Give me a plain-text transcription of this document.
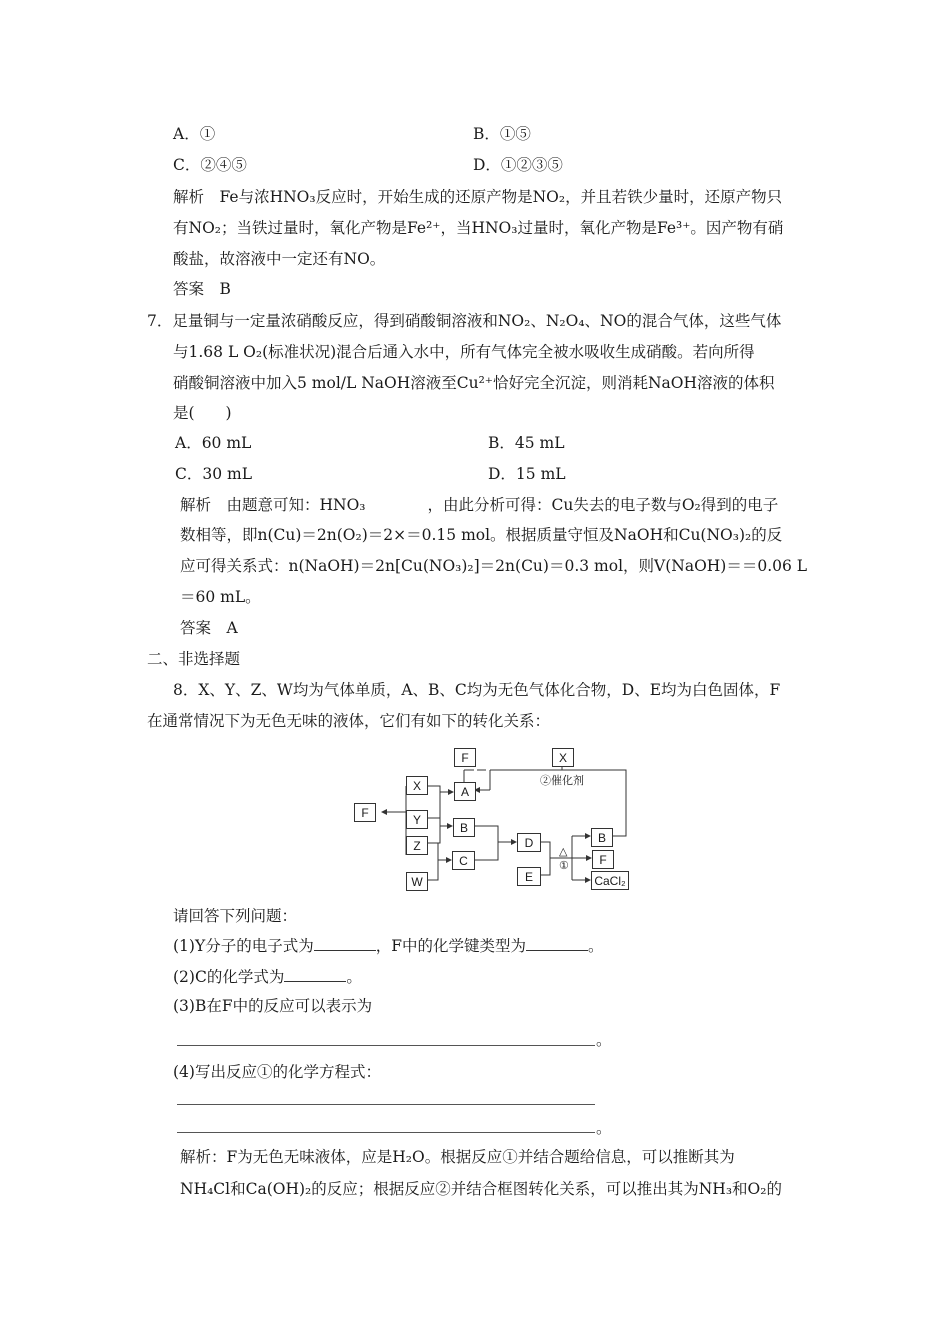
A．①	B．①⑤
C．②④⑤	D．①②③⑤
解析　Fe与浓HNO₃反应时，开始生成的还原产物是NO₂，并且若铁少量时，还原产物只
有NO₂；当铁过量时，氧化产物是Fe²⁺，当HNO₃过量时，氧化产物是Fe³⁺。因产物有硝
酸盐，故溶液中一定还有NO。
答案　B
7．足量铜与一定量浓硝酸反应，得到硝酸铜溶液和NO₂、N₂O₄、NO的混合气体，这些气体
与1.68 L O₂(标准状况)混合后通入水中，所有气体完全被水吸收生成硝酸。若向所得
硝酸铜溶液中加入5 mol/L NaOH溶液至Cu²⁺恰好完全沉淀，则消耗NaOH溶液的体积
是(　　)
A．60 mL	B．45 mL
C．30 mL	D．15 mL
解析　由题意可知：HNO₃　　　　，由此分析可得：Cu失去的电子数与O₂得到的电子
数相等，即n(Cu)＝2n(O₂)＝2×＝0.15 mol。根据质量守恒及NaOH和Cu(NO₃)₂的反
应可得关系式：n(NaOH)＝2n[Cu(NO₃)₂]＝2n(Cu)＝0.3 mol，则V(NaOH)＝＝0.06 L
＝60 mL。
答案　A
二、非选择题
8．X、Y、Z、W均为气体单质，A、B、C均为无色气体化合物，D、E均为白色固体，F
在通常情况下为无色无味的液体，它们有如下的转化关系：
F	X
②催化剂
X	A
F	Y
B
Z	D
△
①
B
C	F
E
W	CaCl₂
请回答下列问题：
(1)Y分子的电子式为	，F中的化学键类型为	。
(2)C的化学式为	。
(3)B在F中的反应可以表示为
。
(4)写出反应①的化学方程式：
。
解析：F为无色无味液体，应是H₂O。根据反应①并结合题给信息，可以推断其为
NH₄Cl和Ca(OH)₂的反应；根据反应②并结合框图转化关系，可以推出其为NH₃和O₂的
